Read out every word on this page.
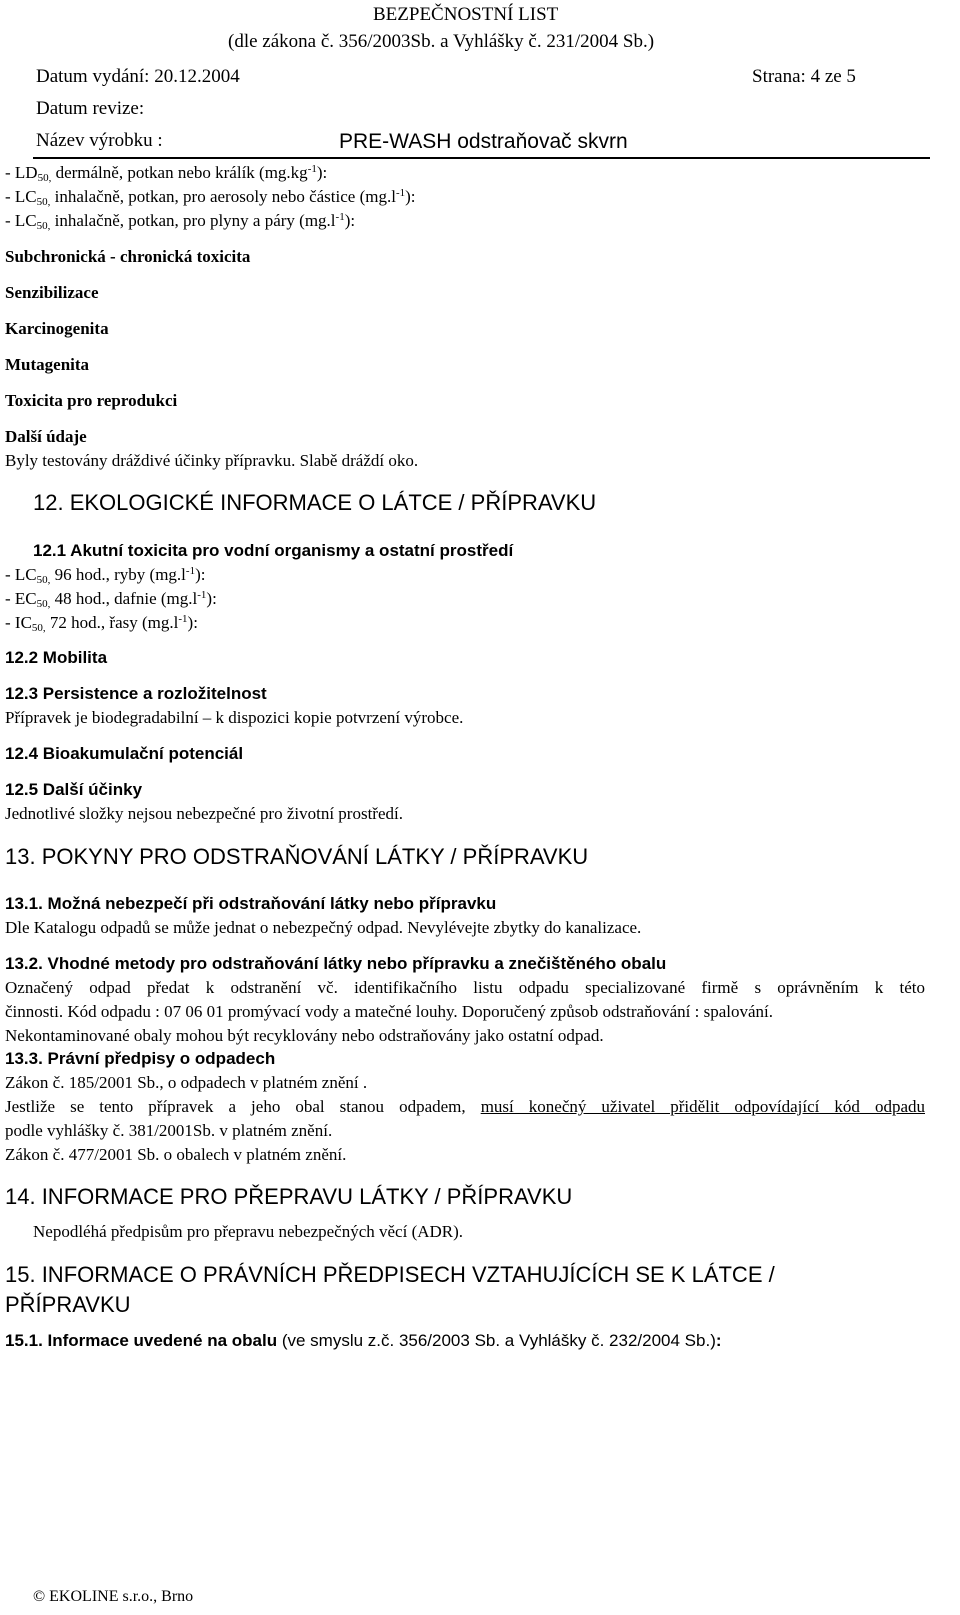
BEZPEČNOSTNÍ LIST
(dle zákona č. 356/2003Sb. a Vyhlášky č. 231/2004 Sb.)
Datum vydání: 20.12.2004	Strana: 4 ze 5
Datum revize:
Název výrobku :	PRE-WASH odstraňovač skvrn
- $LD_{50,}$ dermálně, potkan nebo králík $(mg.kg^{-1})$:
- $LC_{50,}$ inhalačně, potkan, pro aerosoly nebo částice $(mg.l^{-1})$:
- $LC_{50,}$ inhalačně, potkan, pro plyny a páry $(mg.l^{-1})$:
Subchronická - chronická toxicita
Senzibilizace
Karcinogenita
Mutagenita
Toxicita pro reprodukci
Další údaje
Byly testovány dráždivé účinky přípravku. Slabě dráždí oko.
12. EKOLOGICKÉ INFORMACE O LÁTCE / PŘÍPRAVKU
12.1 Akutní toxicita pro vodní organismy a ostatní prostředí
- $LC_{50,}$ 96 hod., ryby $(mg.l^{-1})$:
- $EC_{50,}$ 48 hod., dafnie $(mg.l^{-1})$:
- $IC_{50,}$ 72 hod., řasy $(mg.l^{-1})$:
12.2 Mobilita
12.3 Persistence a rozložitelnost
Přípravek je biodegradabilní – k dispozici kopie potvrzení výrobce.
12.4 Bioakumulační potenciál
12.5 Další účinky
Jednotlivé složky nejsou nebezpečné pro životní prostředí.
13. POKYNY PRO ODSTRAŇOVÁNÍ LÁTKY / PŘÍPRAVKU
13.1. Možná nebezpečí při odstraňování látky nebo přípravku
Dle Katalogu odpadů se může jednat o nebezpečný odpad. Nevylévejte zbytky do kanalizace.
13.2. Vhodné metody pro odstraňování látky nebo přípravku a znečištěného obalu
Označený odpad předat k odstranění vč. identifikačního listu odpadu specializované firmě s oprávněním k této
činnosti. Kód odpadu : 07 06 01 promývací vody a matečné louhy. Doporučený způsob odstraňování : spalování.
Nekontaminované obaly mohou být recyklovány nebo odstraňovány jako ostatní odpad.
13.3. Právní předpisy o odpadech
Zákon č. 185/2001 Sb., o odpadech v platném znění .
Jestliže se tento přípravek a jeho obal stanou odpadem, musí konečný uživatel přidělit odpovídající kód odpadu
podle vyhlášky č. 381/2001Sb. v platném znění.
Zákon č. 477/2001 Sb. o obalech v platném znění.
14. INFORMACE PRO PŘEPRAVU LÁTKY / PŘÍPRAVKU
Nepodléhá předpisům pro přepravu nebezpečných věcí (ADR).
15. INFORMACE O PRÁVNÍCH PŘEDPISECH VZTAHUJÍCÍCH SE K LÁTCE /
PŘÍPRAVKU
15.1. Informace uvedené na obalu (ve smyslu z.č. 356/2003 Sb. a Vyhlášky č. 232/2004 Sb.):
© EKOLINE s.r.o., Brno
